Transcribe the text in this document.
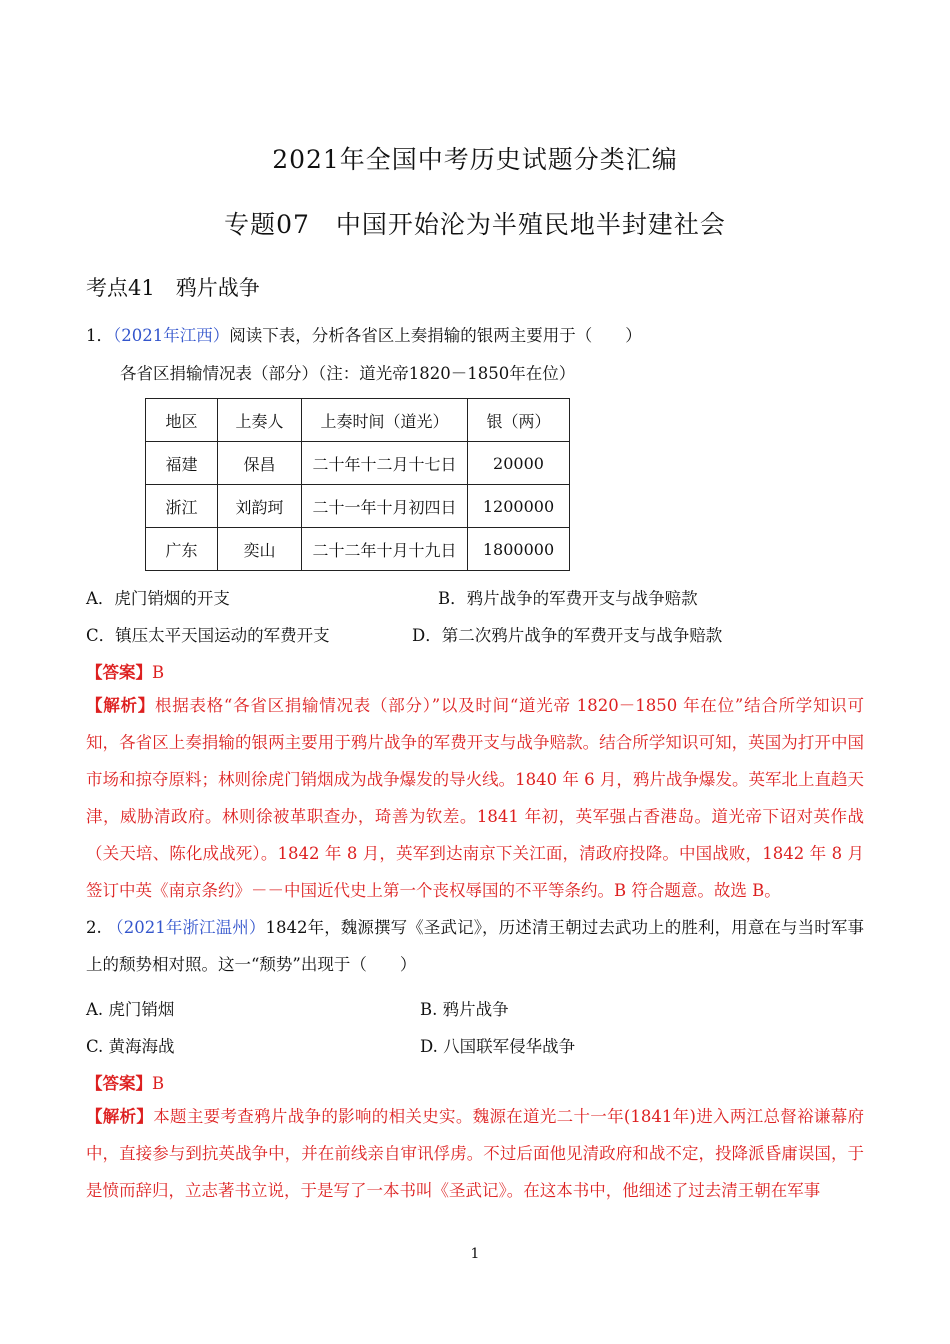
2021年全国中考历史试题分类汇编
专题07　中国开始沦为半殖民地半封建社会
考点41　鸦片战争
1．（2021年江西）阅读下表，分析各省区上奏捐输的银两主要用于（　　）
各省区捐输情况表（部分）（注：道光帝1820－1850年在位）
地区	上奏人	上奏时间（道光）	银（两）
福建	保昌	二十年十二月十七日	20000
浙江	刘韵珂	二十一年十月初四日	1200000
广东	奕山	二十二年十月十九日	1800000
A．虎门销烟的开支	B．鸦片战争的军费开支与战争赔款
C．镇压太平天国运动的军费开支	D．第二次鸦片战争的军费开支与战争赔款
【答案】B
【解析】根据表格“各省区捐输情况表（部分）”以及时间“道光帝 1820－1850 年在位”结合所学知识可知，各省区上奏捐输的银两主要用于鸦片战争的军费开支与战争赔款。结合所学知识可知，英国为打开中国市场和掠夺原料；林则徐虎门销烟成为战争爆发的导火线。1840 年 6 月，鸦片战争爆发。英军北上直趋天津，威胁清政府。林则徐被革职查办，琦善为钦差。1841 年初，英军强占香港岛。道光帝下诏对英作战（关天培、陈化成战死）。1842 年 8 月，英军到达南京下关江面，清政府投降。中国战败，1842 年 8 月签订中英《南京条约》－－中国近代史上第一个丧权辱国的不平等条约。B 符合题意。故选 B。
2. （2021年浙江温州）1842年，魏源撰写《圣武记》，历述清王朝过去武功上的胜利，用意在与当时军事上的颓势相对照。这一“颓势”出现于（　　）
A. 虎门销烟	B. 鸦片战争
C. 黄海海战	D. 八国联军侵华战争
【答案】B
【解析】本题主要考查鸦片战争的影响的相关史实。魏源在道光二十一年(1841年)进入两江总督裕谦幕府中，直接参与到抗英战争中，并在前线亲自审讯俘虏。不过后面他见清政府和战不定，投降派昏庸误国，于是愤而辞归，立志著书立说，于是写了一本书叫《圣武记》。在这本书中，他细述了过去清王朝在军事
1
